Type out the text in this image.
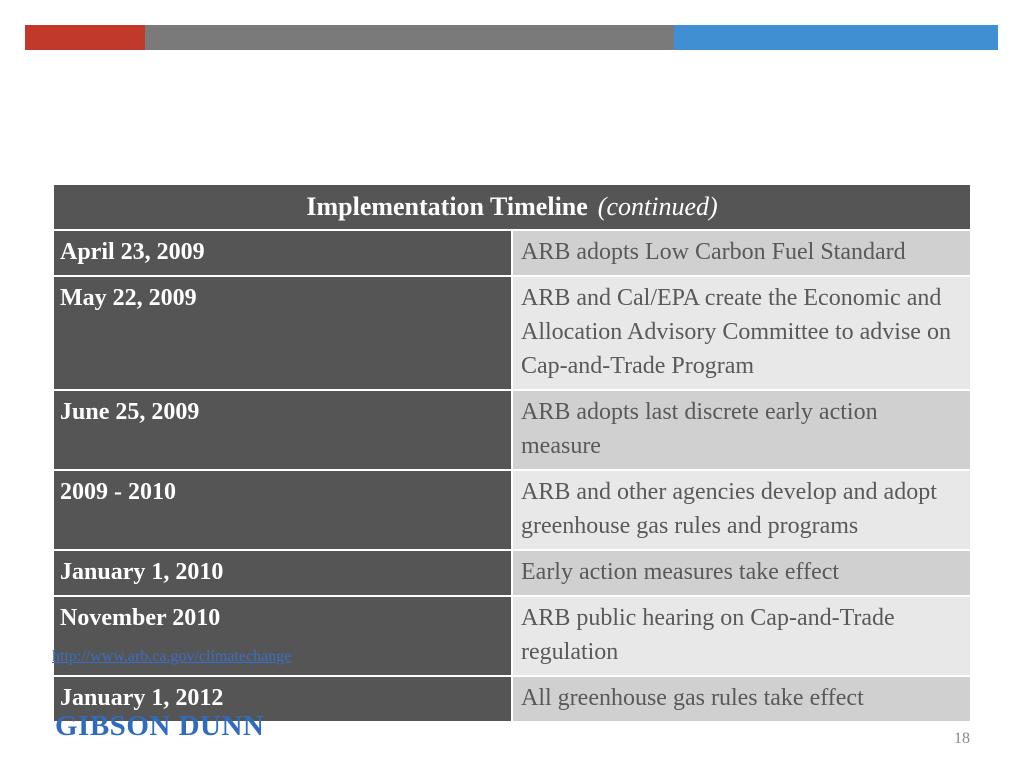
Implementation Timeline (continued)	
April 23, 2009	ARB adopts Low Carbon Fuel Standard
May 22, 2009	ARB and Cal/EPA create the Economic and Allocation Advisory Committee to advise on Cap-and-Trade Program
June 25, 2009	ARB adopts last discrete early action measure
2009 - 2010	ARB and other agencies develop and adopt greenhouse gas rules and programs
January 1, 2010	Early action measures take effect
November 2010	ARB public hearing on Cap-and-Trade regulation
January 1, 2012	All greenhouse gas rules take effect
http://www.arb.ca.gov/climatechange
GIBSON DUNN	18
